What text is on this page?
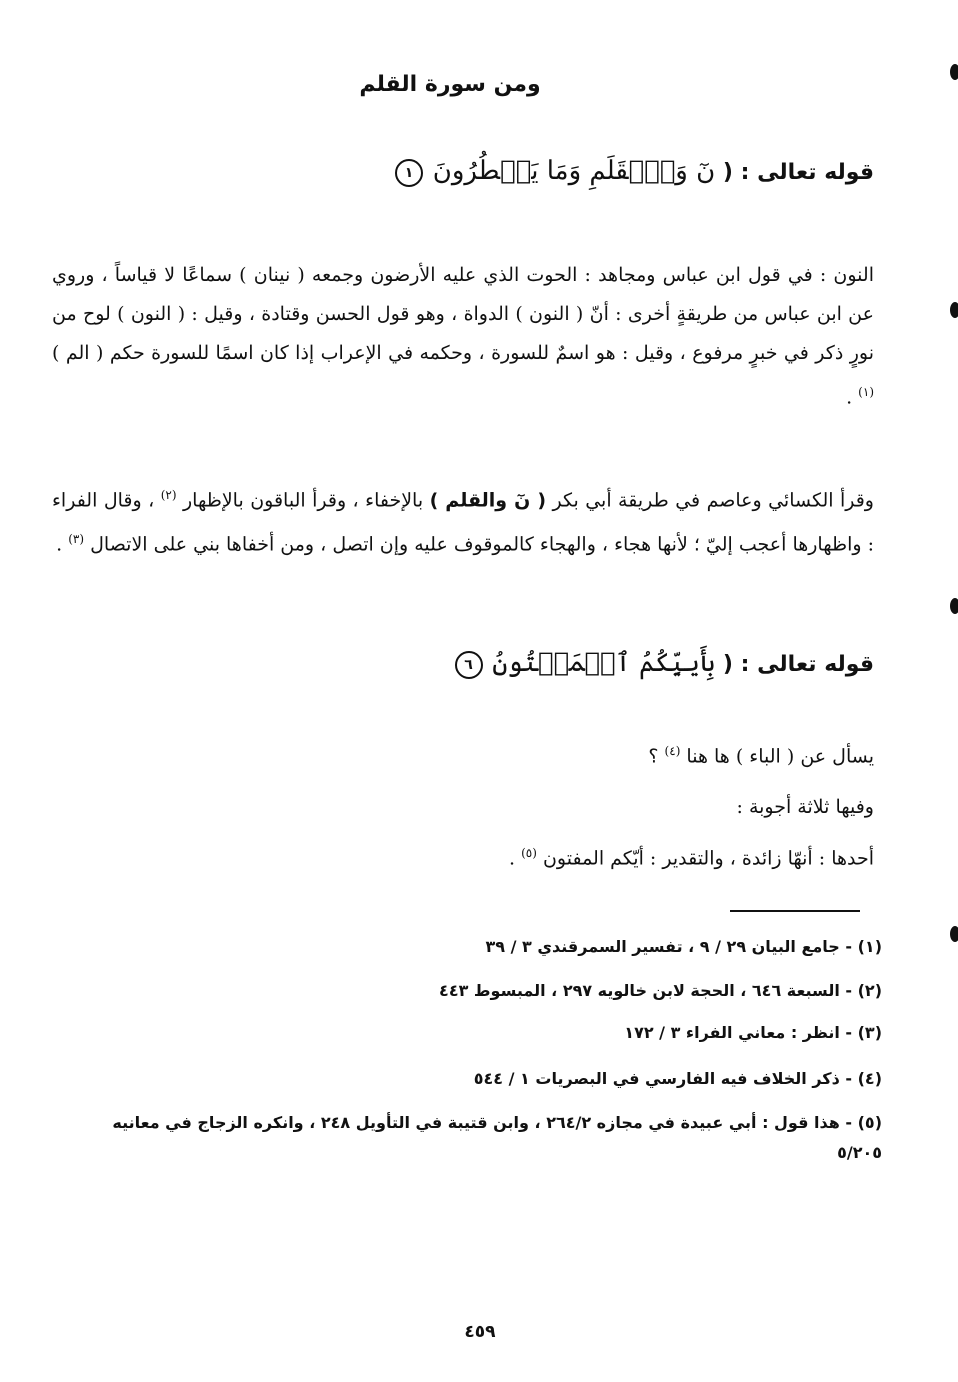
ومن سورة القلم
قوله تعالى : ( نٓ وَٱلۡقَلَمِ وَمَا يَسۡطُرُونَ ١
النون : في قول ابن عباس ومجاهد : الحوت الذي عليه الأرضون وجمعه ( نينان ) سماعًا لا قياساً ، وروي عن ابن عباس من طريقةٍ أخرى : أنّ ( النون ) الدواة ، وهو قول الحسن وقتادة ، وقيل : ( النون ) لوح من نورٍ ذكر في خبرٍ مرفوع ، وقيل : هو اسمٌ للسورة ، وحكمه في الإعراب إذا كان اسمًا للسورة حكم ( الم ) $^{(١)}$ .
وقرأ الكسائي وعاصم في طريقة أبي بكر ( نٓ والقلم ) بالإخفاء ، وقرأ الباقون بالإظهار $^{(٢)}$ ، وقال الفراء : واظهارها أعجب إليّ ؛ لأنها هجاء ، والهجاء كالموقوف عليه وإن اتصل ، ومن أخفاها بني على الاتصال $^{(٣)}$ .
قوله تعالى : ( بِأَييِّكُمُ ٱلۡمَفۡتُونُ ٦
يسأل عن ( الباء ) ها هنا $^{(٤)}$ ؟
وفيها ثلاثة أجوبة :
أحدها : أنهّا زائدة ، والتقدير : أيّكم المفتون $^{(٥)}$ .
(١) - جامع البيان ٢٩ / ٩ ، تفسير السمرقندي ٣ / ٣٩
(٢) - السبعة ٦٤٦ ، الحجة لابن خالويه ٢٩٧ ، المبسوط ٤٤٣
(٣) - انظر : معاني الفراء ٣ / ١٧٢
(٤) - ذكر الخلاف فيه الفارسي في البصريات ١ / ٥٤٤
(٥) - هذا قول : أبي عبيدة في مجازه ٢٦٤/٢ ، وابن قتيبة في التأويل ٢٤٨ ، وانكره الزجاج في معانيه ٥/٢٠٥
٤٥٩
